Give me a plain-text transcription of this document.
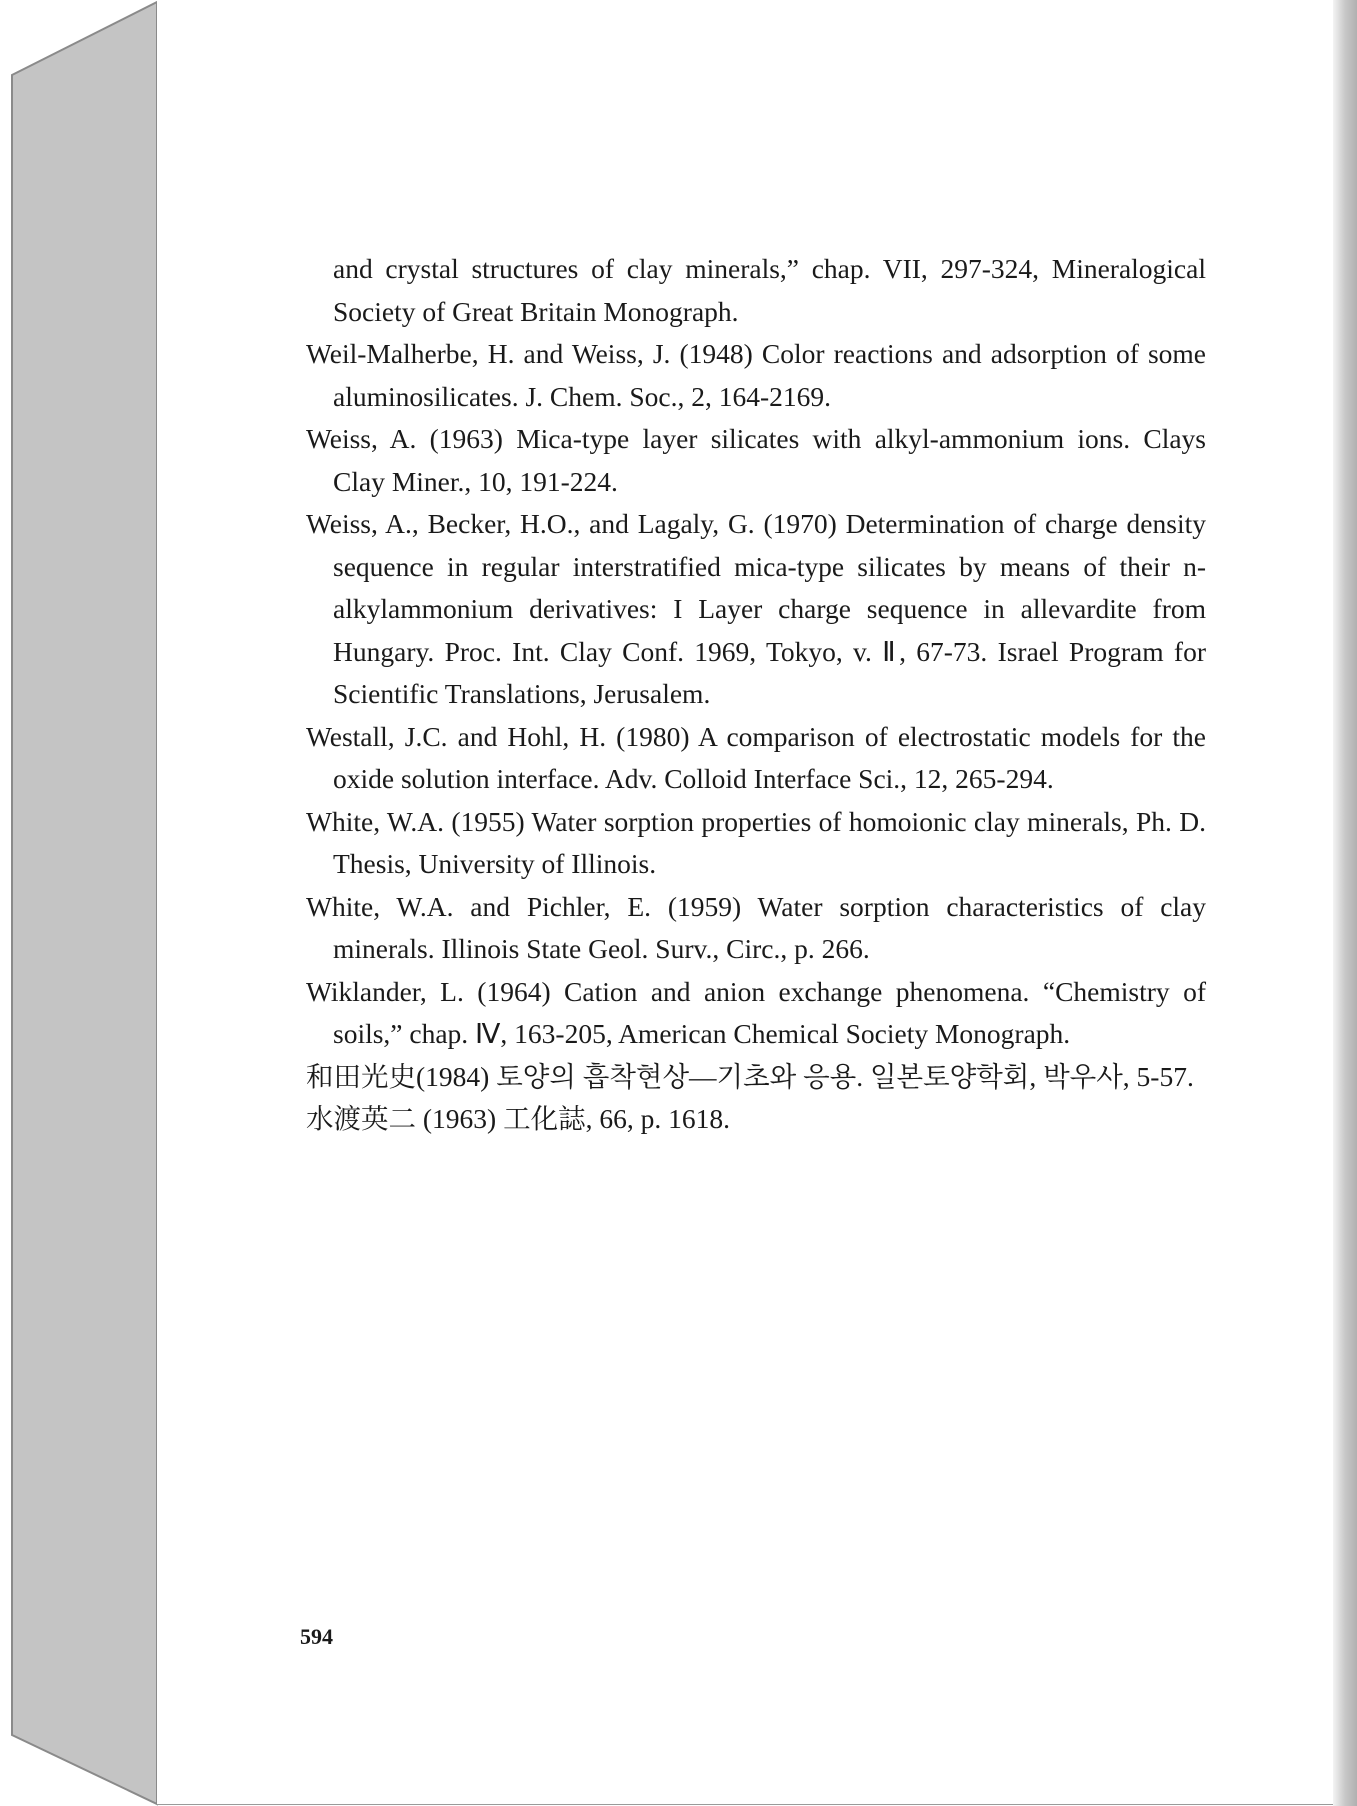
and crystal structures of clay minerals,” chap. VII, 297-324, Mineralogical Society of Great Britain Monograph.

Weil-Malherbe, H. and Weiss, J. (1948) Color reactions and adsorption of some aluminosilicates. J. Chem. Soc., 2, 164-2169.

Weiss, A. (1963) Mica-type layer silicates with alkyl-ammonium ions. Clays Clay Miner., 10, 191-224.

Weiss, A., Becker, H.O., and Lagaly, G. (1970) Determination of charge density sequence in regular interstratified mica-type silicates by means of their n-alkylammonium derivatives: I Layer charge sequence in allevardite from Hungary. Proc. Int. Clay Conf. 1969, Tokyo, v. Ⅱ, 67-73. Israel Program for Scientific Translations, Jerusalem.

Westall, J.C. and Hohl, H. (1980) A comparison of electrostatic models for the oxide solution interface. Adv. Colloid Interface Sci., 12, 265-294.

White, W.A. (1955) Water sorption properties of homoionic clay minerals, Ph. D. Thesis, University of Illinois.

White, W.A. and Pichler, E. (1959) Water sorption characteristics of clay minerals. Illinois State Geol. Surv., Circ., p. 266.

Wiklander, L. (1964) Cation and anion exchange phenomena. “Chemistry of soils,” chap. Ⅳ, 163-205, American Chemical Society Monograph.

和田光史(1984) 토양의 흡착현상—기초와 응용. 일본토양학회, 박우사, 5-57.

水渡英二 (1963) 工化誌, 66, p. 1618.

594
